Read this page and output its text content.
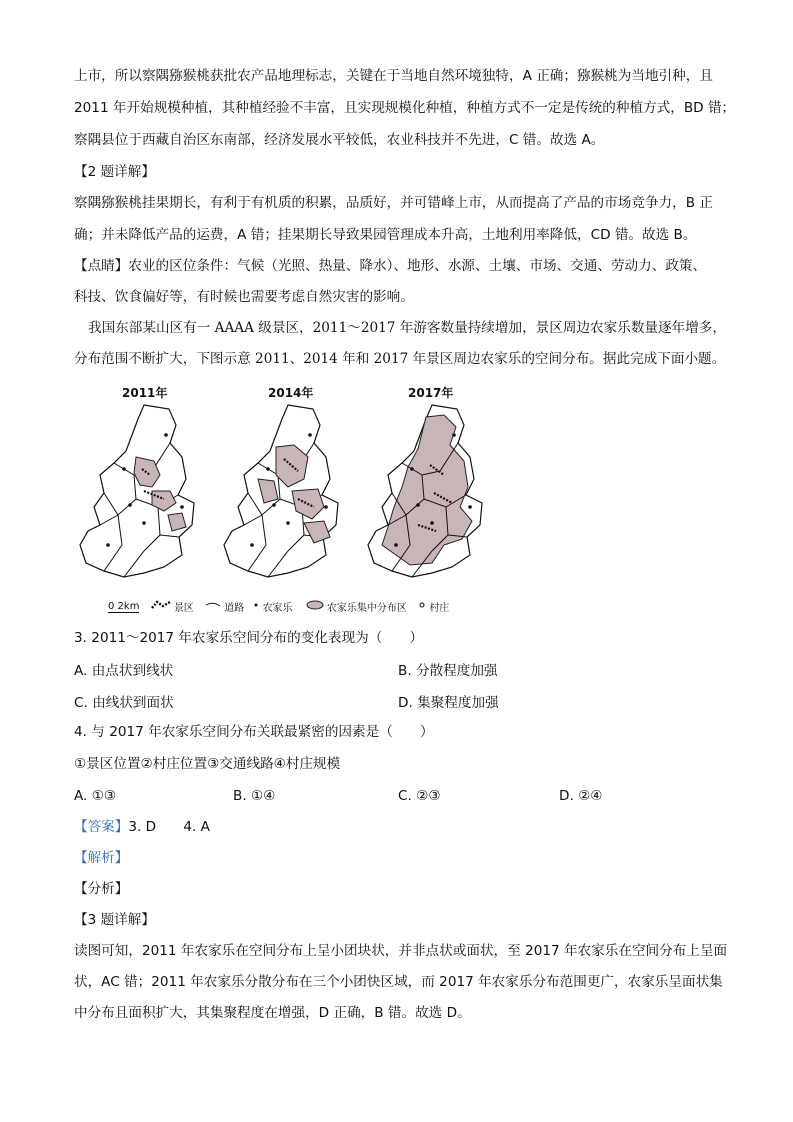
上市，所以察隅猕猴桃获批农产品地理标志，关键在于当地自然环境独特，A 正确；猕猴桃为当地引种，且
2011 年开始规模种植，其种植经验不丰富，且实现规模化种植，种植方式不一定是传统的种植方式，BD 错；
察隅县位于西藏自治区东南部，经济发展水平较低，农业科技并不先进，C 错。故选 A。
【2 题详解】
察隅猕猴桃挂果期长，有利于有机质的积累，品质好，并可错峰上市，从而提高了产品的市场竞争力，B 正
确；并未降低产品的运费，A 错；挂果期长导致果园管理成本升高，土地利用率降低，CD 错。故选 B。
【点睛】农业的区位条件：气候（光照、热量、降水）、地形、水源、土壤、市场、交通、劳动力、政策、
科技、饮食偏好等，有时候也需要考虑自然灾害的影响。
我国东部某山区有一 AAAA 级景区，2011～2017 年游客数量持续增加，景区周边农家乐数量逐年增多，
分布范围不断扩大，下图示意 2011、2014 年和 2017 年景区周边农家乐的空间分布。据此完成下面小题。
2011年	2014年	2017年
0 2km	景区	道路 农家乐	农家乐集中分布区 村庄
3. 2011～2017 年农家乐空间分布的变化表现为（　　）
A. 由点状到线状	B. 分散程度加强
C. 由线状到面状	D. 集聚程度加强
4. 与 2017 年农家乐空间分布关联最紧密的因素是（　　）
①景区位置②村庄位置③交通线路④村庄规模
A. ①③	B. ①④	C. ②③	D. ②④
【答案】3. D　　4. A
【解析】
【分析】
【3 题详解】
读图可知，2011 年农家乐在空间分布上呈小团块状，并非点状或面状，至 2017 年农家乐在空间分布上呈面
状，AC 错；2011 年农家乐分散分布在三个小团快区域，而 2017 年农家乐分布范围更广，农家乐呈面状集
中分布且面积扩大，其集聚程度在增强，D 正确，B 错。故选 D。
